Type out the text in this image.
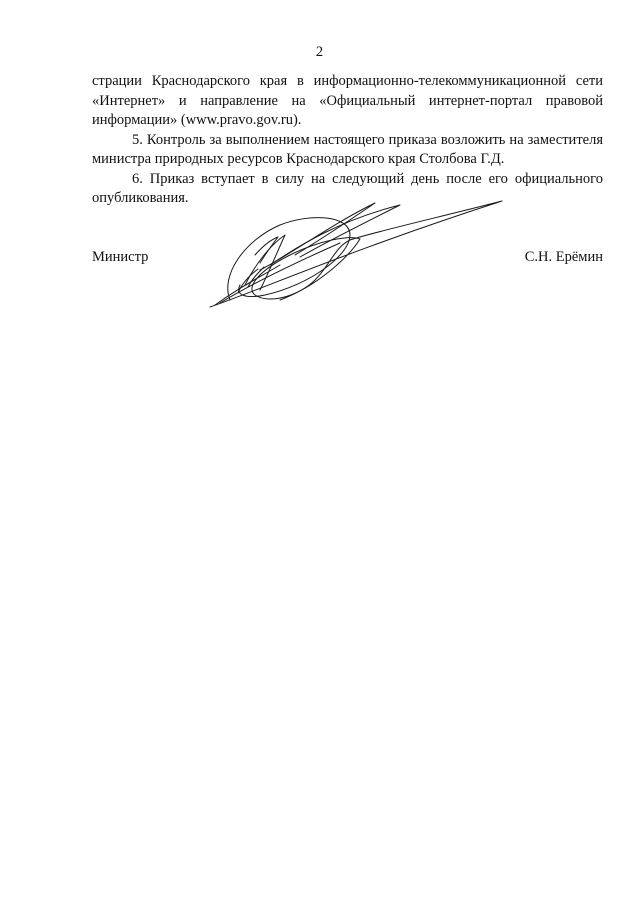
2

страции Краснодарского края в информационно-телекоммуникационной сети «Интернет» и направление на «Официальный интернет-портал правовой информации» (www.pravo.gov.ru).

5. Контроль за выполнением настоящего приказа возложить на заместителя министра природных ресурсов Краснодарского края Столбова Г.Д.

6. Приказ вступает в силу на следующий день после его официального опубликования.

Министр	С.Н. Ерёмин
